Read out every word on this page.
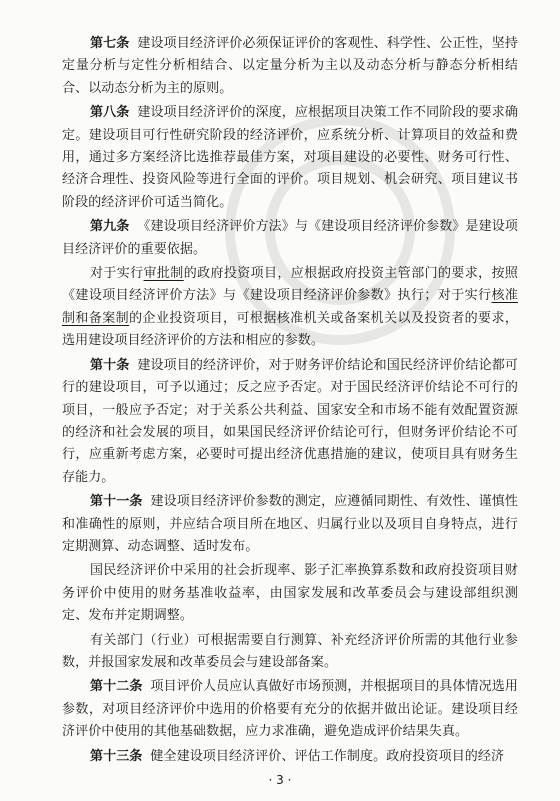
第七条 建设项目经济评价必须保证评价的客观性、科学性、公正性，坚持定量分析与定性分析相结合、以定量分析为主以及动态分析与静态分析相结合、以动态分析为主的原则。

第八条 建设项目经济评价的深度，应根据项目决策工作不同阶段的要求确定。建设项目可行性研究阶段的经济评价，应系统分析、计算项目的效益和费用，通过多方案经济比选推荐最佳方案，对项目建设的必要性、财务可行性、经济合理性、投资风险等进行全面的评价。项目规划、机会研究、项目建议书阶段的经济评价可适当简化。

第九条 《建设项目经济评价方法》与《建设项目经济评价参数》是建设项目经济评价的重要依据。

对于实行审批制的政府投资项目，应根据政府投资主管部门的要求，按照《建设项目经济评价方法》与《建设项目经济评价参数》执行；对于实行核准制和备案制的企业投资项目，可根据核准机关或备案机关以及投资者的要求，选用建设项目经济评价的方法和相应的参数。

第十条 建设项目的经济评价，对于财务评价结论和国民经济评价结论都可行的建设项目，可予以通过；反之应予否定。对于国民经济评价结论不可行的项目，一般应予否定；对于关系公共利益、国家安全和市场不能有效配置资源的经济和社会发展的项目，如果国民经济评价结论可行，但财务评价结论不可行，应重新考虑方案，必要时可提出经济优惠措施的建议，使项目具有财务生存能力。

第十一条 建设项目经济评价参数的测定，应遵循同期性、有效性、谨慎性和准确性的原则，并应结合项目所在地区、归属行业以及项目自身特点，进行定期测算、动态调整、适时发布。

国民经济评价中采用的社会折现率、影子汇率换算系数和政府投资项目财务评价中使用的财务基准收益率，由国家发展和改革委员会与建设部组织测定、发布并定期调整。

有关部门（行业）可根据需要自行测算、补充经济评价所需的其他行业参数，并报国家发展和改革委员会与建设部备案。

第十二条 项目评价人员应认真做好市场预测，并根据项目的具体情况选用参数，对项目经济评价中选用的价格要有充分的依据并做出论证。建设项目经济评价中使用的其他基础数据，应力求准确，避免造成评价结果失真。

第十三条 健全建设项目经济评价、评估工作制度。政府投资项目的经济

· 3 ·
